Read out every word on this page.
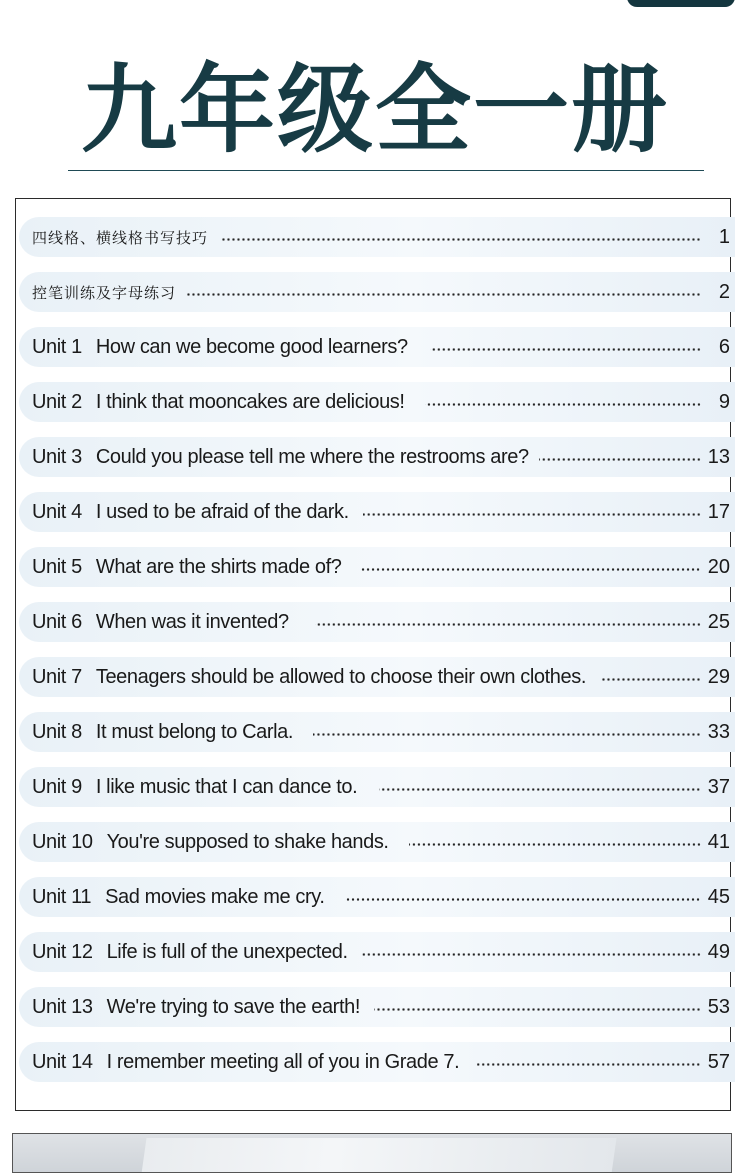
九年级全一册
四线格、横线格书写技巧	1
控笔训练及字母练习	2
Unit 1 How can we become good learners?	6
Unit 2 I think that mooncakes are delicious!	9
Unit 3 Could you please tell me where the restrooms are?	13
Unit 4 I used to be afraid of the dark.	17
Unit 5 What are the shirts made of?	20
Unit 6 When was it invented?	25
Unit 7 Teenagers should be allowed to choose their own clothes.	29
Unit 8 It must belong to Carla.	33
Unit 9 I like music that I can dance to.	37
Unit 10 You're supposed to shake hands.	41
Unit 11 Sad movies make me cry.	45
Unit 12 Life is full of the unexpected.	49
Unit 13 We're trying to save the earth!	53
Unit 14 I remember meeting all of you in Grade 7.	57
